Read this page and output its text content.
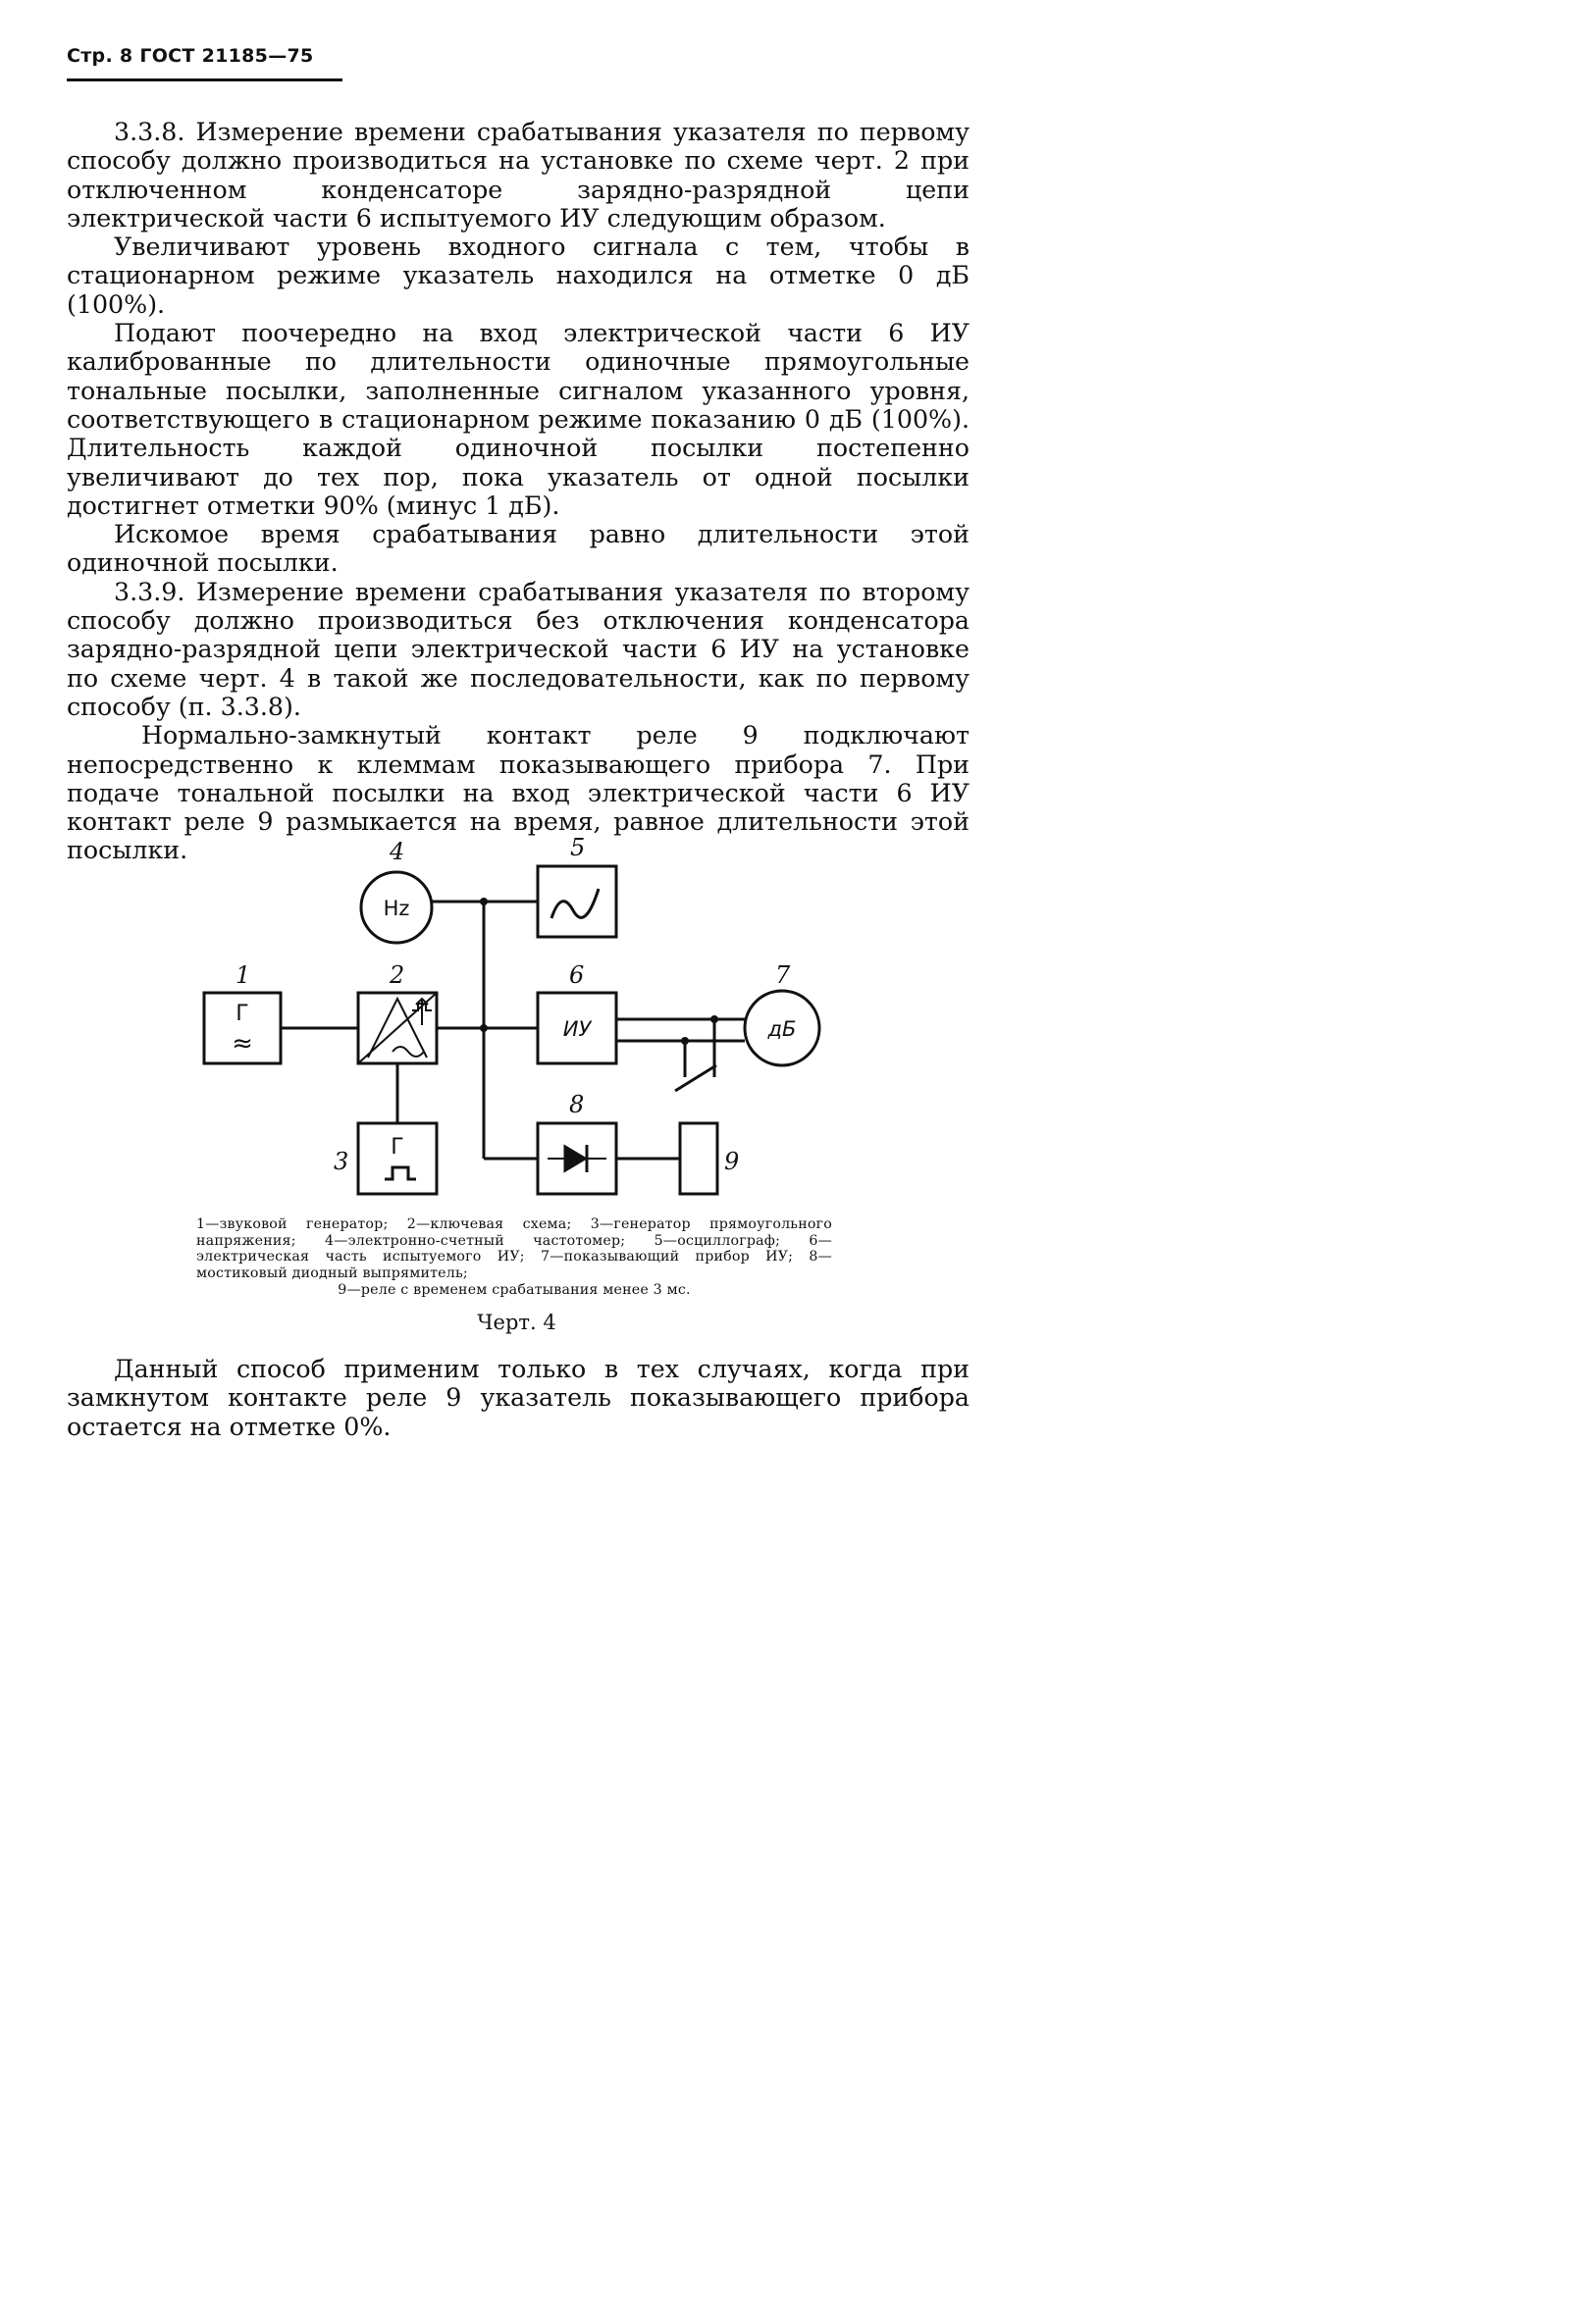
Стр. 8 ГОСТ 21185—75

3.3.8. Измерение времени срабатывания указателя по первому способу должно производиться на установке по схеме черт. 2 при отключенном конденсаторе зарядно-разрядной цепи электрической части 6 испытуемого ИУ следующим образом.

Увеличивают уровень входного сигнала с тем, чтобы в стационарном режиме указатель находился на отметке 0 дБ (100%).

Подают поочередно на вход электрической части 6 ИУ калиброванные по длительности одиночные прямоугольные тональные посылки, заполненные сигналом указанного уровня, соответствующего в стационарном режиме показанию 0 дБ (100%). Длительность каждой одиночной посылки постепенно увеличивают до тех пор, пока указатель от одной посылки достигнет отметки 90% (минус 1 дБ).

Искомое время срабатывания равно длительности этой одиночной посылки.

3.3.9. Измерение времени срабатывания указателя по второму способу должно производиться без отключения конденсатора зарядно-разрядной цепи электрической части 6 ИУ на установке по схеме черт. 4 в такой же последовательности, как по первому способу (п. 3.3.8).

Нормально-замкнутый контакт реле 9 подключают непосредственно к клеммам показывающего прибора 7. При подаче тональной посылки на вход электрической части 6 ИУ контакт реле 9 размыкается на время, равное длительности этой посылки.

1	2
3
4	5
6	7
8
9
Г
≈
Hz
ИУ	дБ
Г
1—звуковой генератор; 2—ключевая схема; 3—генератор прямоугольного напряжения; 4—электронно-счетный частотомер; 5—осциллограф; 6—электрическая часть испытуемого ИУ; 7—показывающий прибор ИУ; 8—мостиковый диодный выпрямитель;
9—реле с временем срабатывания менее 3 мс.
Черт. 4

Данный способ применим только в тех случаях, когда при замкнутом контакте реле 9 указатель показывающего прибора остается на отметке 0%.
